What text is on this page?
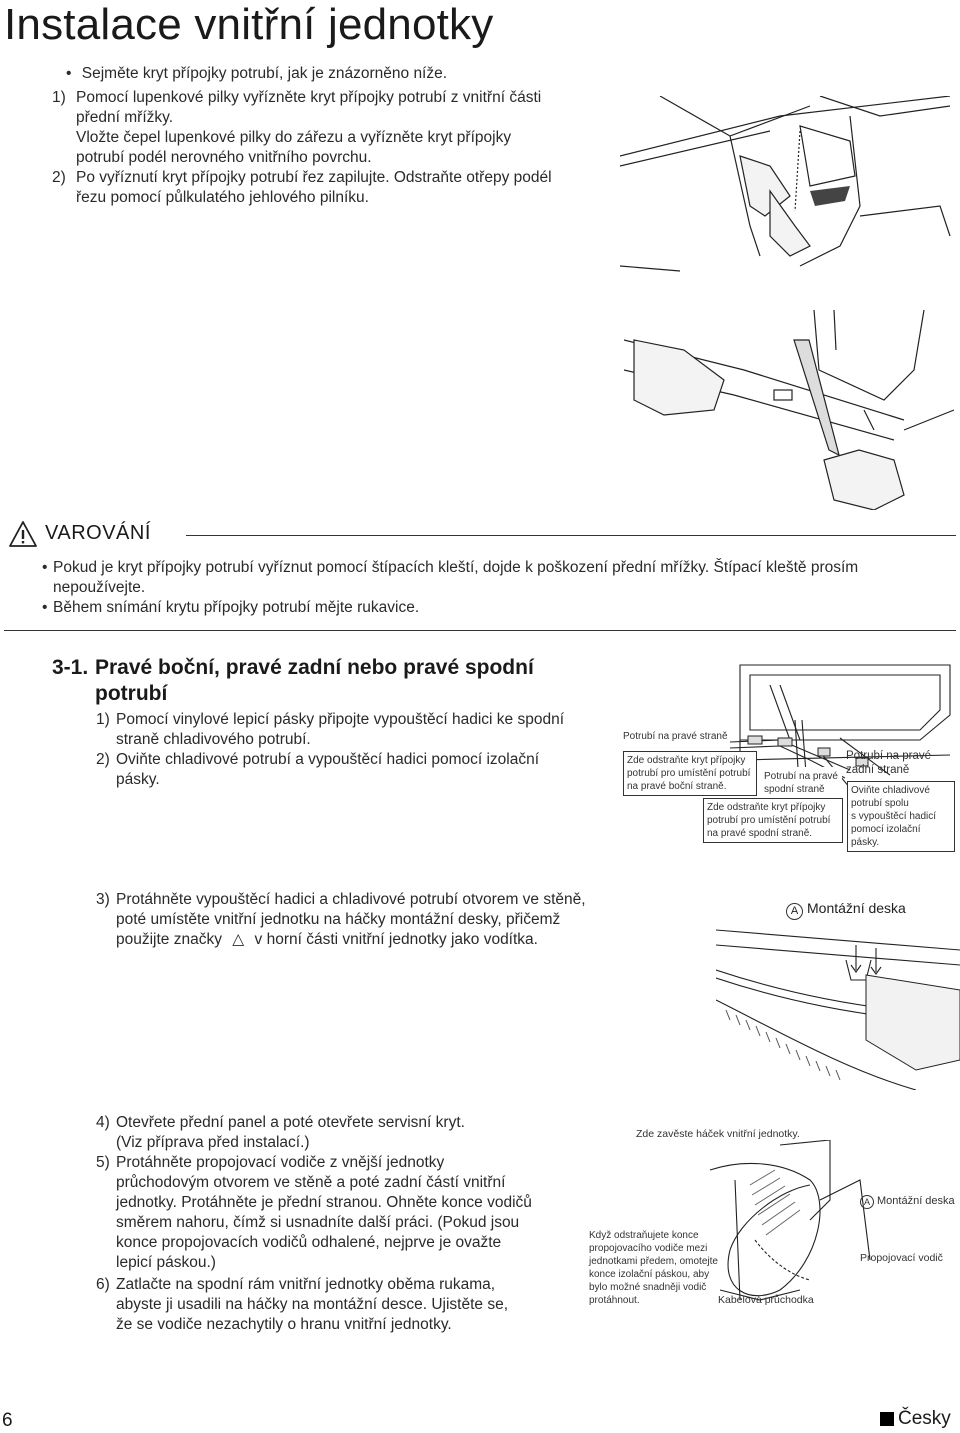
Instalace vnitřní jednotky
• Sejměte kryt přípojky potrubí, jak je znázorněno níže.
1) Pomocí lupenkové pilky vyřízněte kryt přípojky potrubí z vnitřní části
přední mřížky.
Vložte čepel lupenkové pilky do zářezu a vyřízněte kryt přípojky
potrubí podél nerovného vnitřního povrchu.
2) Po vyříznutí kryt přípojky potrubí řez zapilujte. Odstraňte otřepy podél
řezu pomocí půlkulatého jehlového pilníku.
VAROVÁNÍ
• Pokud je kryt přípojky potrubí vyříznut pomocí štípacích kleští, dojde k poškození přední mřížky. Štípací kleště prosím
nepoužívejte.
• Během snímání krytu přípojky potrubí mějte rukavice.
3-1. Pravé boční, pravé zadní nebo pravé spodní
potrubí
1) Pomocí vinylové lepicí pásky připojte vypouštěcí hadici ke spodní
straně chladivového potrubí.
2) Oviňte chladivové potrubí a vypouštěcí hadici pomocí izolační
pásky.
Potrubí na pravé straně
Zde odstraňte kryt přípojky
potrubí pro umístění potrubí
na pravé boční straně.
Potrubí na pravé
spodní straně
Zde odstraňte kryt přípojky
potrubí pro umístění potrubí
na pravé spodní straně.
Potrubí na pravé
zadní straně
Oviňte chladivové
potrubí spolu
s vypouštěcí hadicí
pomocí izolační pásky.
3) Protáhněte vypouštěcí hadici a chladivové potrubí otvorem ve stěně,
poté umístěte vnitřní jednotku na háčky montážní desky, přičemž
použijte značky △ v horní části vnitřní jednotky jako vodítka.
A Montážní deska
4) Otevřete přední panel a poté otevřete servisní kryt.
(Viz příprava před instalací.)
5) Protáhněte propojovací vodiče z vnější jednotky
průchodovým otvorem ve stěně a poté zadní částí vnitřní
jednotky. Protáhněte je přední stranou. Ohněte konce vodičů
směrem nahoru, čímž si usnadníte další práci. (Pokud jsou
konce propojovacích vodičů odhalené, nejprve je ovažte
lepicí páskou.)
6) Zatlačte na spodní rám vnitřní jednotky oběma rukama,
abyste ji usadili na háčky na montážní desce. Ujistěte se,
že se vodiče nezachytily o hranu vnitřní jednotky.
Zde zavěste háček vnitřní jednotky.
A Montážní deska
Propojovací vodič
Když odstraňujete konce
propojovacího vodiče mezi
jednotkami předem, omotejte
konce izolační páskou, aby
bylo možné snadněji vodič
protáhnout.	Kabelová průchodka
6	Česky
